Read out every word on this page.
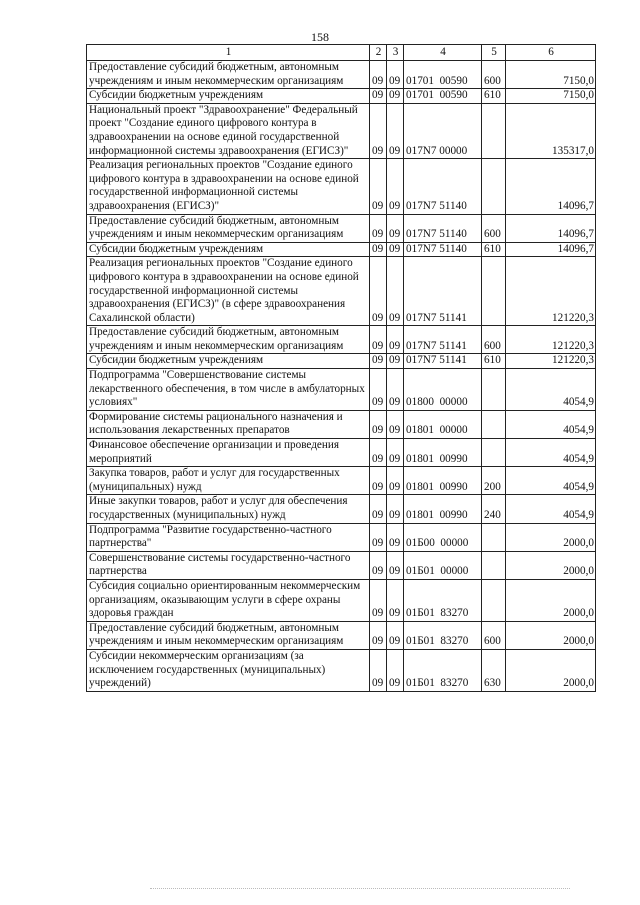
158
1	2	3	4	5	6
Предоставление субсидий бюджетным, автономным учреждениям и иным некоммерческим организациям	09	09	01701  00590	600	7150,0
Субсидии бюджетным учреждениям	09	09	01701  00590	610	7150,0
Национальный проект "Здравоохранение" Федеральный проект "Создание единого цифрового контура в здравоохранении на основе единой государственной информационной системы здравоохранения (ЕГИСЗ)"	09	09	017N7 00000		135317,0
Реализация региональных проектов "Создание единого цифрового контура в здравоохранении на основе единой государственной информационной системы здравоохранения (ЕГИСЗ)"	09	09	017N7 51140		14096,7
Предоставление субсидий бюджетным, автономным учреждениям и иным некоммерческим организациям	09	09	017N7 51140	600	14096,7
Субсидии бюджетным учреждениям	09	09	017N7 51140	610	14096,7
Реализация региональных проектов "Создание единого цифрового контура в здравоохранении на основе единой государственной информационной системы здравоохранения (ЕГИСЗ)" (в сфере здравоохранения Сахалинской области)	09	09	017N7 51141		121220,3
Предоставление субсидий бюджетным, автономным учреждениям и иным некоммерческим организациям	09	09	017N7 51141	600	121220,3
Субсидии бюджетным учреждениям	09	09	017N7 51141	610	121220,3
Подпрограмма "Совершенствование системы лекарственного обеспечения, в том числе в амбулаторных условиях"	09	09	01800  00000		4054,9
Формирование системы рационального назначения и использования лекарственных препаратов	09	09	01801  00000		4054,9
Финансовое обеспечение организации и проведения мероприятий	09	09	01801  00990		4054,9
Закупка товаров, работ и услуг для государственных (муниципальных) нужд	09	09	01801  00990	200	4054,9
Иные закупки товаров, работ и услуг для обеспечения государственных (муниципальных) нужд	09	09	01801  00990	240	4054,9
Подпрограмма "Развитие государственно-частного партнерства"	09	09	01Б00  00000		2000,0
Совершенствование системы государственно-частного партнерства	09	09	01Б01  00000		2000,0
Субсидия социально ориентированным некоммерческим организациям, оказывающим услуги в сфере охраны здоровья граждан	09	09	01Б01  83270		2000,0
Предоставление субсидий бюджетным, автономным учреждениям и иным некоммерческим организациям	09	09	01Б01  83270	600	2000,0
Субсидии некоммерческим организациям (за исключением государственных (муниципальных) учреждений)	09	09	01Б01  83270	630	2000,0
